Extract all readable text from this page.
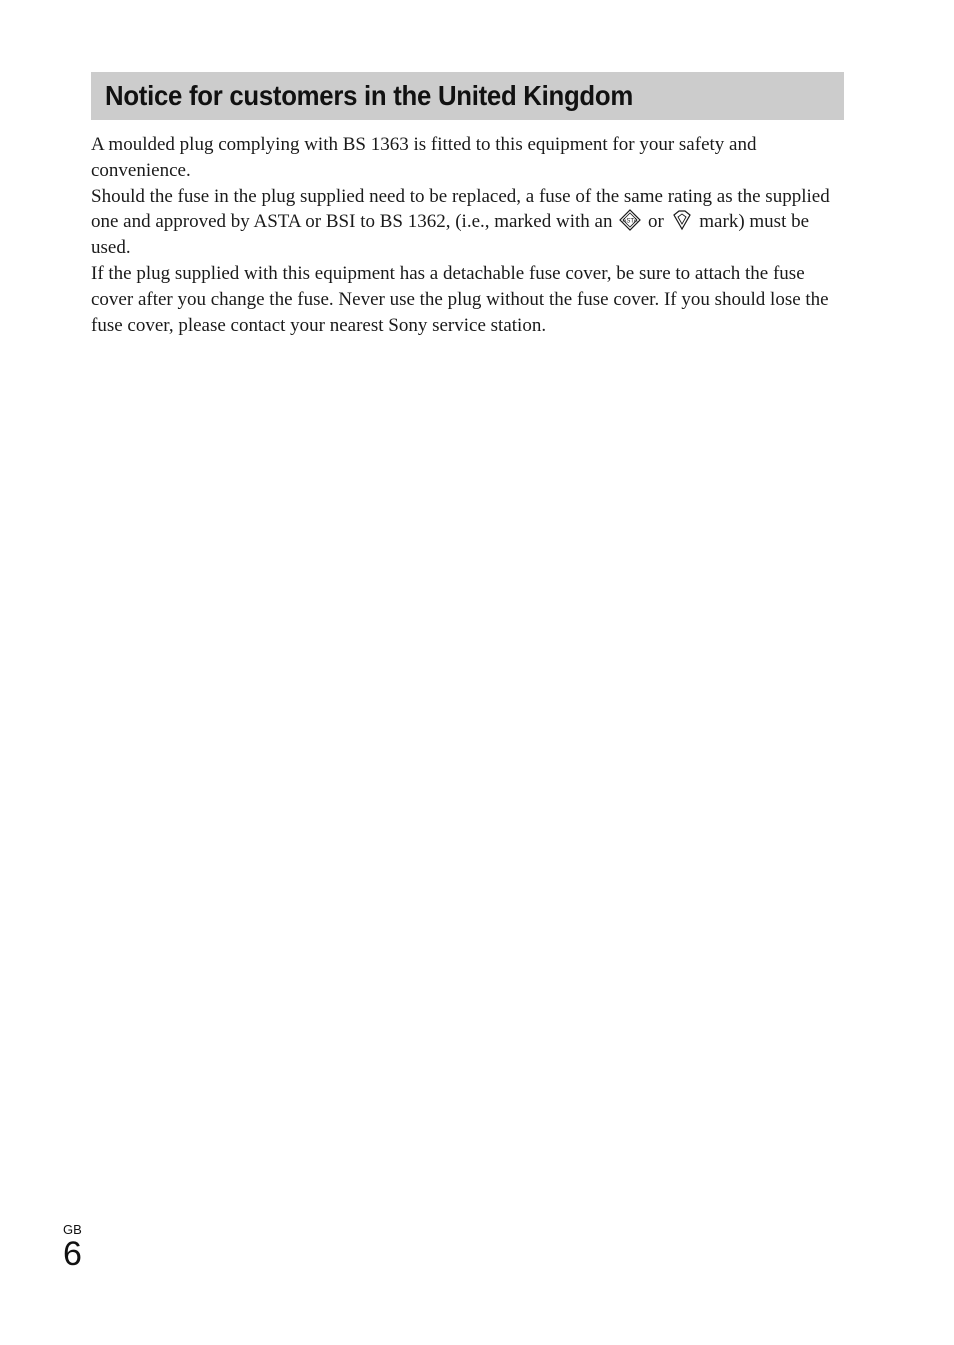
Notice for customers in the United Kingdom

A moulded plug complying with BS 1363 is fitted to this equipment for your safety and convenience.

Should the fuse in the plug supplied need to be replaced, a fuse of the same rating as the supplied one and approved by ASTA or BSI to BS 1362, (i.e., marked with an ASTA or mark) must be used.

If the plug supplied with this equipment has a detachable fuse cover, be sure to attach the fuse cover after you change the fuse. Never use the plug without the fuse cover. If you should lose the fuse cover, please contact your nearest Sony service station.

GB
6
